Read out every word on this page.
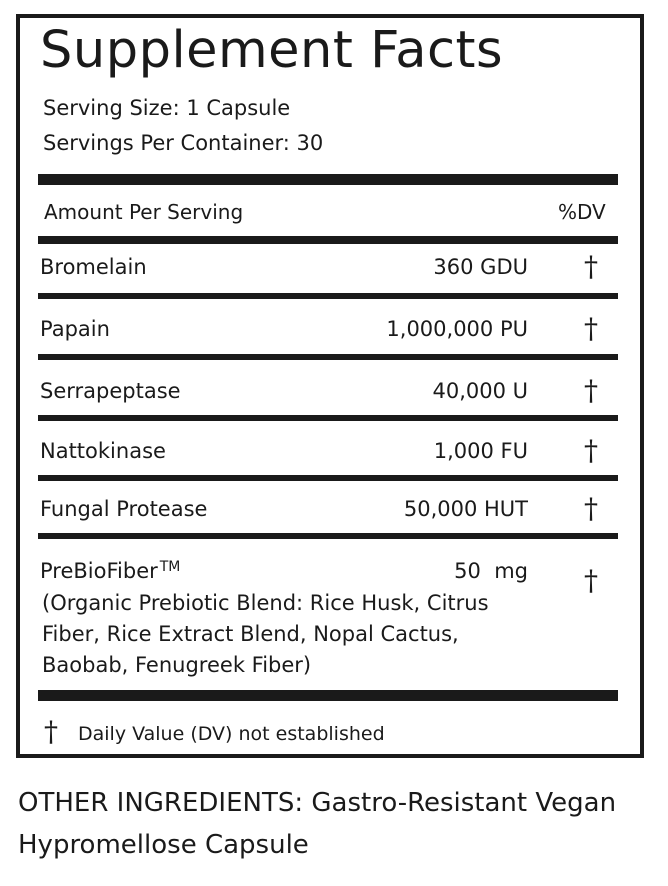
Supplement Facts
Serving Size: 1 Capsule
Servings Per Container: 30
Amount Per Serving	%DV
Bromelain	360 GDU †
Papain	1,000,000 PU †
Serrapeptase	40,000 U †
Nattokinase	1,000 FU †
Fungal Protease	50,000 HUT †
PreBioFiber ™	50  mg †
(Organic Prebiotic Blend: Rice Husk, Citrus Fiber, Rice Extract Blend, Nopal Cactus, Baobab, Fenugreek Fiber)
† Daily Value (DV) not established
OTHER INGREDIENTS: Gastro-Resistant Vegan Hypromellose Capsule
